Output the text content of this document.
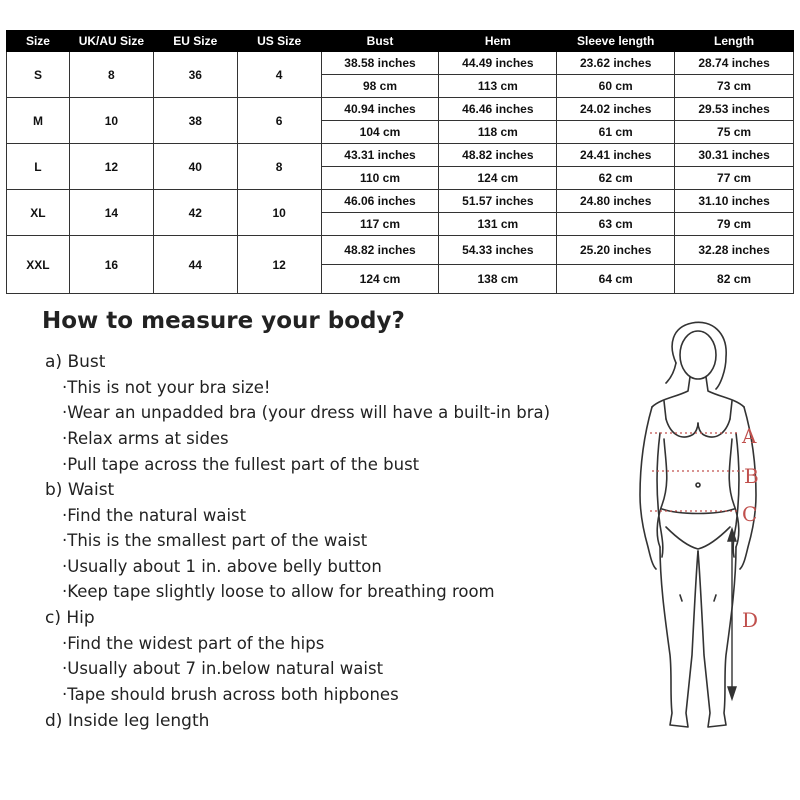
Size	UK/AU Size	EU Size	US Size	Bust	Hem	Sleeve length	Length
S	8	36	4	38.58 inches	44.49 inches	23.62 inches	28.74 inches
				98 cm	113 cm	60 cm	73 cm
M	10	38	6	40.94 inches	46.46 inches	24.02 inches	29.53 inches
				104 cm	118 cm	61 cm	75 cm
L	12	40	8	43.31 inches	48.82 inches	24.41 inches	30.31 inches
				110 cm	124 cm	62 cm	77 cm
XL	14	42	10	46.06 inches	51.57 inches	24.80 inches	31.10 inches
				117 cm	131 cm	63 cm	79 cm
XXL	16	44	12	48.82 inches	54.33 inches	25.20 inches	32.28 inches
				124 cm	138 cm	64 cm	82 cm
How to measure your body?
a) Bust
·This is not your bra size!
·Wear an unpadded bra (your dress will have a built-in bra)
·Relax arms at sides
·Pull tape across the fullest part of the bust
b) Waist
·Find the natural waist
·This is the smallest part of the waist
·Usually about 1 in. above belly button
·Keep tape slightly loose to allow for breathing room
c) Hip
·Find the widest part of the hips
·Usually about 7 in.below natural waist
·Tape should brush across both hipbones
d) Inside leg length
A
B
C
D
